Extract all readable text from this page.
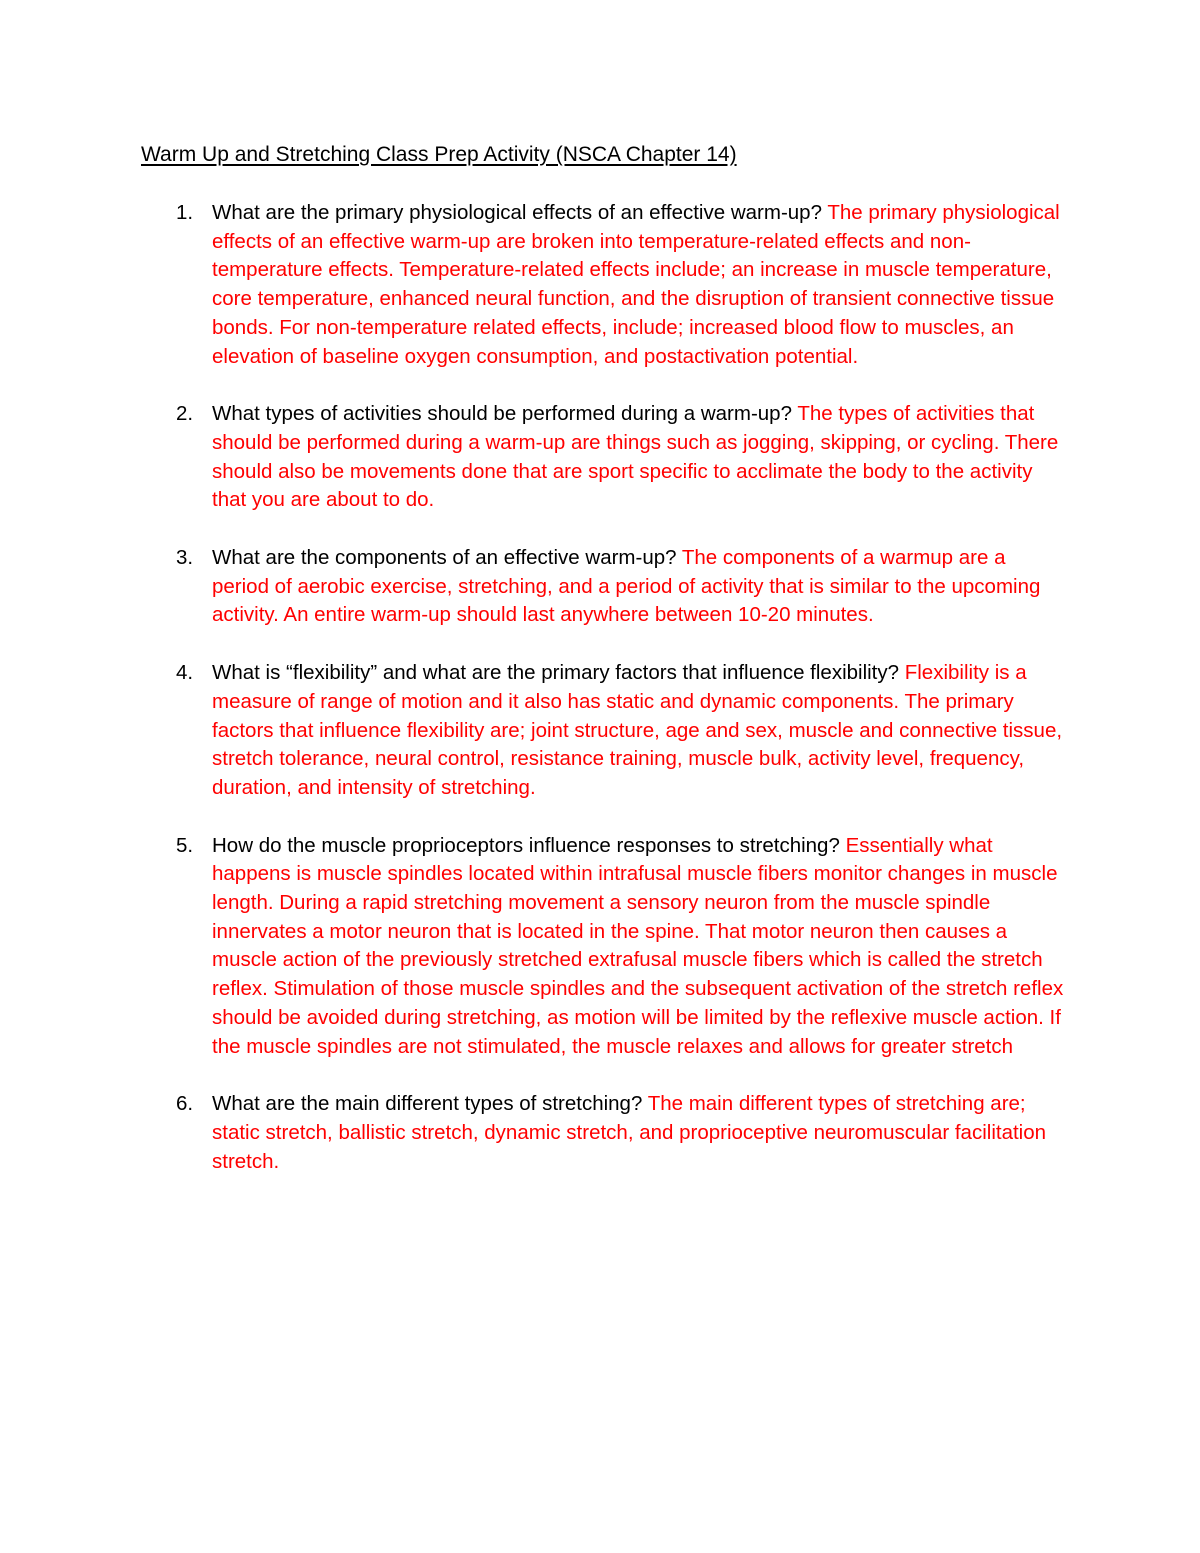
Warm Up and Stretching Class Prep Activity (NSCA Chapter 14)
1. What are the primary physiological effects of an effective warm-up? The primary physiological effects of an effective warm-up are broken into temperature-related effects and non-temperature effects. Temperature-related effects include; an increase in muscle temperature, core temperature, enhanced neural function, and the disruption of transient connective tissue bonds. For non-temperature related effects, include; increased blood flow to muscles, an elevation of baseline oxygen consumption, and postactivation potential.
2. What types of activities should be performed during a warm-up? The types of activities that should be performed during a warm-up are things such as jogging, skipping, or cycling. There should also be movements done that are sport specific to acclimate the body to the activity that you are about to do.
3. What are the components of an effective warm-up? The components of a warmup are a period of aerobic exercise, stretching, and a period of activity that is similar to the upcoming activity. An entire warm-up should last anywhere between 10-20 minutes.
4. What is “flexibility” and what are the primary factors that influence flexibility? Flexibility is a measure of range of motion and it also has static and dynamic components. The primary factors that influence flexibility are; joint structure, age and sex, muscle and connective tissue, stretch tolerance, neural control, resistance training, muscle bulk, activity level, frequency, duration, and intensity of stretching.
5. How do the muscle proprioceptors influence responses to stretching? Essentially what happens is muscle spindles located within intrafusal muscle fibers monitor changes in muscle length. During a rapid stretching movement a sensory neuron from the muscle spindle innervates a motor neuron that is located in the spine. That motor neuron then causes a muscle action of the previously stretched extrafusal muscle fibers which is called the stretch reflex. Stimulation of those muscle spindles and the subsequent activation of the stretch reflex should be avoided during stretching, as motion will be limited by the reflexive muscle action. If the muscle spindles are not stimulated, the muscle relaxes and allows for greater stretch
6. What are the main different types of stretching? The main different types of stretching are; static stretch, ballistic stretch, dynamic stretch, and proprioceptive neuromuscular facilitation stretch.
